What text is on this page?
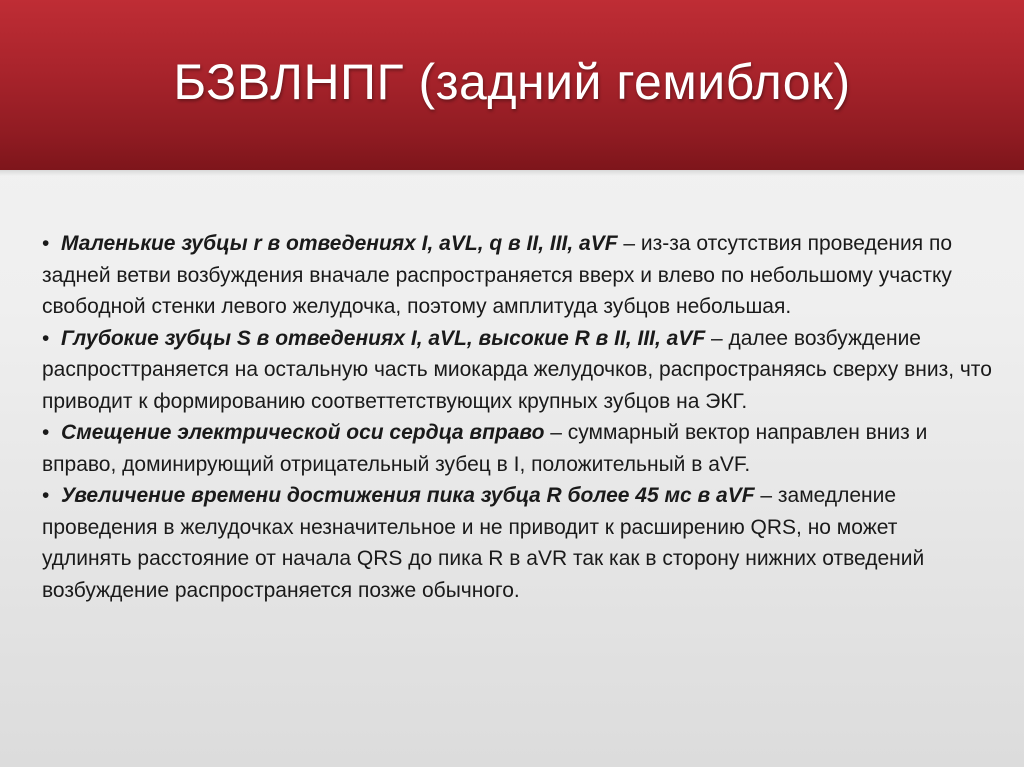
БЗВЛНПГ (задний гемиблок)
• Маленькие зубцы r в отведениях I, aVL, q в II, III, aVF – из-за отсутствия проведения по задней ветви возбуждения вначале распространяется вверх и влево по небольшому участку свободной стенки левого желудочка, поэтому амплитуда зубцов небольшая.
• Глубокие зубцы S в отведениях I, aVL, высокие R в II, III, aVF – далее возбуждение распросттраняется на остальную часть миокарда желудочков, распространяясь сверху вниз, что приводит к формированию соответтетствующих крупных зубцов на ЭКГ.
• Смещение электрической оси сердца вправо – суммарный вектор направлен вниз и вправо, доминирующий отрицательный зубец в I, положительный в aVF.
• Увеличение времени достижения пика зубца R более 45 мс в aVF – замедление проведения в желудочках незначительное и не приводит к расширению QRS, но может удлинять расстояние от начала QRS до пика R в aVR так как в сторону нижних отведений возбуждение распространяется позже обычного.
